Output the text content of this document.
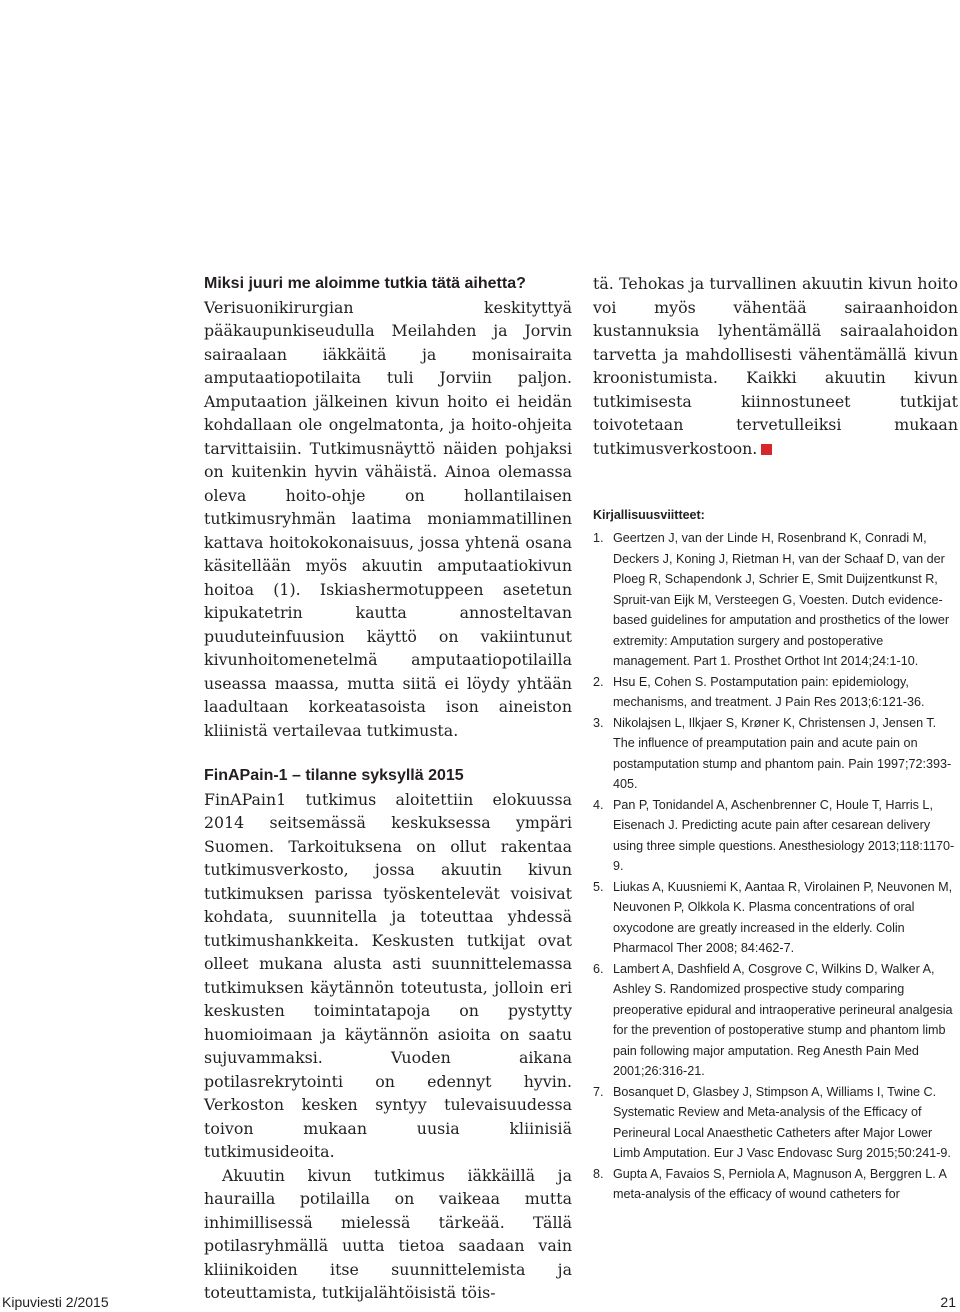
Miksi juuri me aloimme tutkia tätä aihetta?

Verisuonikirurgian keskityttyä pääkaupunkiseudulla Meilahden ja Jorvin sairaalaan iäkkäitä ja monisairaita amputaatiopotilaita tuli Jorviin paljon. Amputaation jälkeinen kivun hoito ei heidän kohdallaan ole ongelmatonta, ja hoito-ohjeita tarvittaisiin. Tutkimusnäyttö näiden pohjaksi on kuitenkin hyvin vähäistä. Ainoa olemassa oleva hoito-ohje on hollantilaisen tutkimusryhmän laatima moniammatillinen kattava hoitokokonaisuus, jossa yhtenä osana käsitellään myös akuutin amputaatiokivun hoitoa (1). Iskiashermotuppeen asetetun kipukatetrin kautta annosteltavan puuduteinfuusion käyttö on vakiintunut kivunhoitomenetelmä amputaatiopotilailla useassa maassa, mutta siitä ei löydy yhtään laadultaan korkeatasoista ison aineiston kliinistä vertailevaa tutkimusta.

FinAPain-1 – tilanne syksyllä 2015

FinAPain1 tutkimus aloitettiin elokuussa 2014 seitsemässä keskuksessa ympäri Suomen. Tarkoituksena on ollut rakentaa tutkimusverkosto, jossa akuutin kivun tutkimuksen parissa työskentelevät voisivat kohdata, suunnitella ja toteuttaa yhdessä tutkimushankkeita. Keskusten tutkijat ovat olleet mukana alusta asti suunnittelemassa tutkimuksen käytännön toteutusta, jolloin eri keskusten toimintatapoja on pystytty huomioimaan ja käytännön asioita on saatu sujuvammaksi. Vuoden aikana potilasrekrytointi on edennyt hyvin. Verkoston kesken syntyy tulevaisuudessa toivon mukaan uusia kliinisiä tutkimusideoita.

Akuutin kivun tutkimus iäkkäillä ja haurailla potilailla on vaikeaa mutta inhimillisessä mielessä tärkeää. Tällä potilasryhmällä uutta tietoa saadaan vain kliinikoiden itse suunnittelemista ja toteuttamista, tutkijalähtöisistä töis-

tä. Tehokas ja turvallinen akuutin kivun hoito voi myös vähentää sairaanhoidon kustannuksia lyhentämällä sairaalahoidon tarvetta ja mahdollisesti vähentämällä kivun kroonistumista. Kaikki akuutin kivun tutkimisesta kiinnostuneet tutkijat toivotetaan tervetulleiksi mukaan tutkimusverkostoon.

Kirjallisuusviitteet:
1. Geertzen J, van der Linde H, Rosenbrand K, Conradi M, Deckers J, Koning J, Rietman H, van der Schaaf D, van der Ploeg R, Schapendonk J, Schrier E, Smit Duijzentkunst R, Spruit-van Eijk M, Versteegen G, Voesten. Dutch evidence-based guidelines for amputation and prosthetics of the lower extremity: Amputation surgery and postoperative management. Part 1. Prosthet Orthot Int 2014;24:1-10.
2. Hsu E, Cohen S. Postamputation pain: epidemiology, mechanisms, and treatment. J Pain Res 2013;6:121-36.
3. Nikolajsen L, Ilkjaer S, Krøner K, Christensen J, Jensen T. The influence of preamputation pain and acute pain on postamputation stump and phantom pain. Pain 1997;72:393-405.
4. Pan P, Tonidandel A, Aschenbrenner C, Houle T, Harris L, Eisenach J. Predicting acute pain after cesarean delivery using three simple questions. Anesthesiology 2013;118:1170-9.
5. Liukas A, Kuusniemi K, Aantaa R, Virolainen P, Neuvonen M, Neuvonen P, Olkkola K. Plasma concentrations of oral oxycodone are greatly increased in the elderly. Colin Pharmacol Ther 2008; 84:462-7.
6. Lambert A, Dashfield A, Cosgrove C, Wilkins D, Walker A, Ashley S. Randomized prospective study comparing preoperative epidural and intraoperative perineural analgesia for the prevention of postoperative stump and phantom limb pain following major amputation. Reg Anesth Pain Med 2001;26:316-21.
7. Bosanquet D, Glasbey J, Stimpson A, Williams I, Twine C. Systematic Review and Meta-analysis of the Efficacy of Perineural Local Anaesthetic Catheters after Major Lower Limb Amputation. Eur J Vasc Endovasc Surg 2015;50:241-9.
8. Gupta A, Favaios S, Perniola A, Magnuson A, Berggren L. A meta-analysis of the efficacy of wound catheters for
Kipuviesti 2/2015	21
